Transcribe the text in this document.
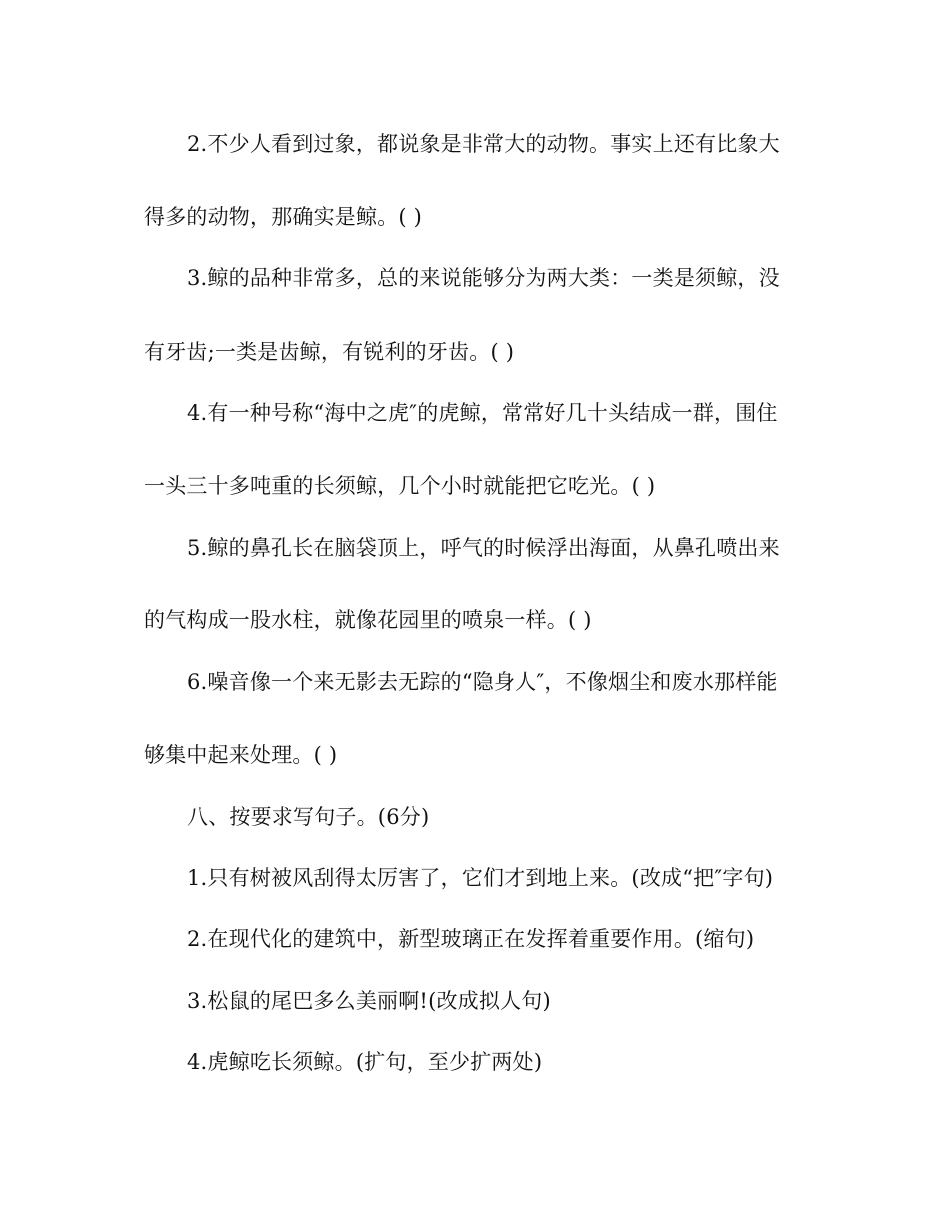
2.不少人看到过象，都说象是非常大的动物。事实上还有比象大
得多的动物，那确实是鲸。( )
3.鲸的品种非常多，总的来说能够分为两大类：一类是须鲸，没
有牙齿;一类是齿鲸，有锐利的牙齿。( )
4.有一种号称“海中之虎″的虎鲸，常常好几十头结成一群，围住
一头三十多吨重的长须鲸，几个小时就能把它吃光。( )
5.鲸的鼻孔长在脑袋顶上，呼气的时候浮出海面，从鼻孔喷出来
的气构成一股水柱，就像花园里的喷泉一样。( )
6.噪音像一个来无影去无踪的“隐身人″，不像烟尘和废水那样能
够集中起来处理。( )
八、按要求写句子。(6分)
1.只有树被风刮得太厉害了，它们才到地上来。(改成“把″字句)
2.在现代化的建筑中，新型玻璃正在发挥着重要作用。(缩句)
3.松鼠的尾巴多么美丽啊!(改成拟人句)
4.虎鲸吃长须鲸。(扩句，至少扩两处)
